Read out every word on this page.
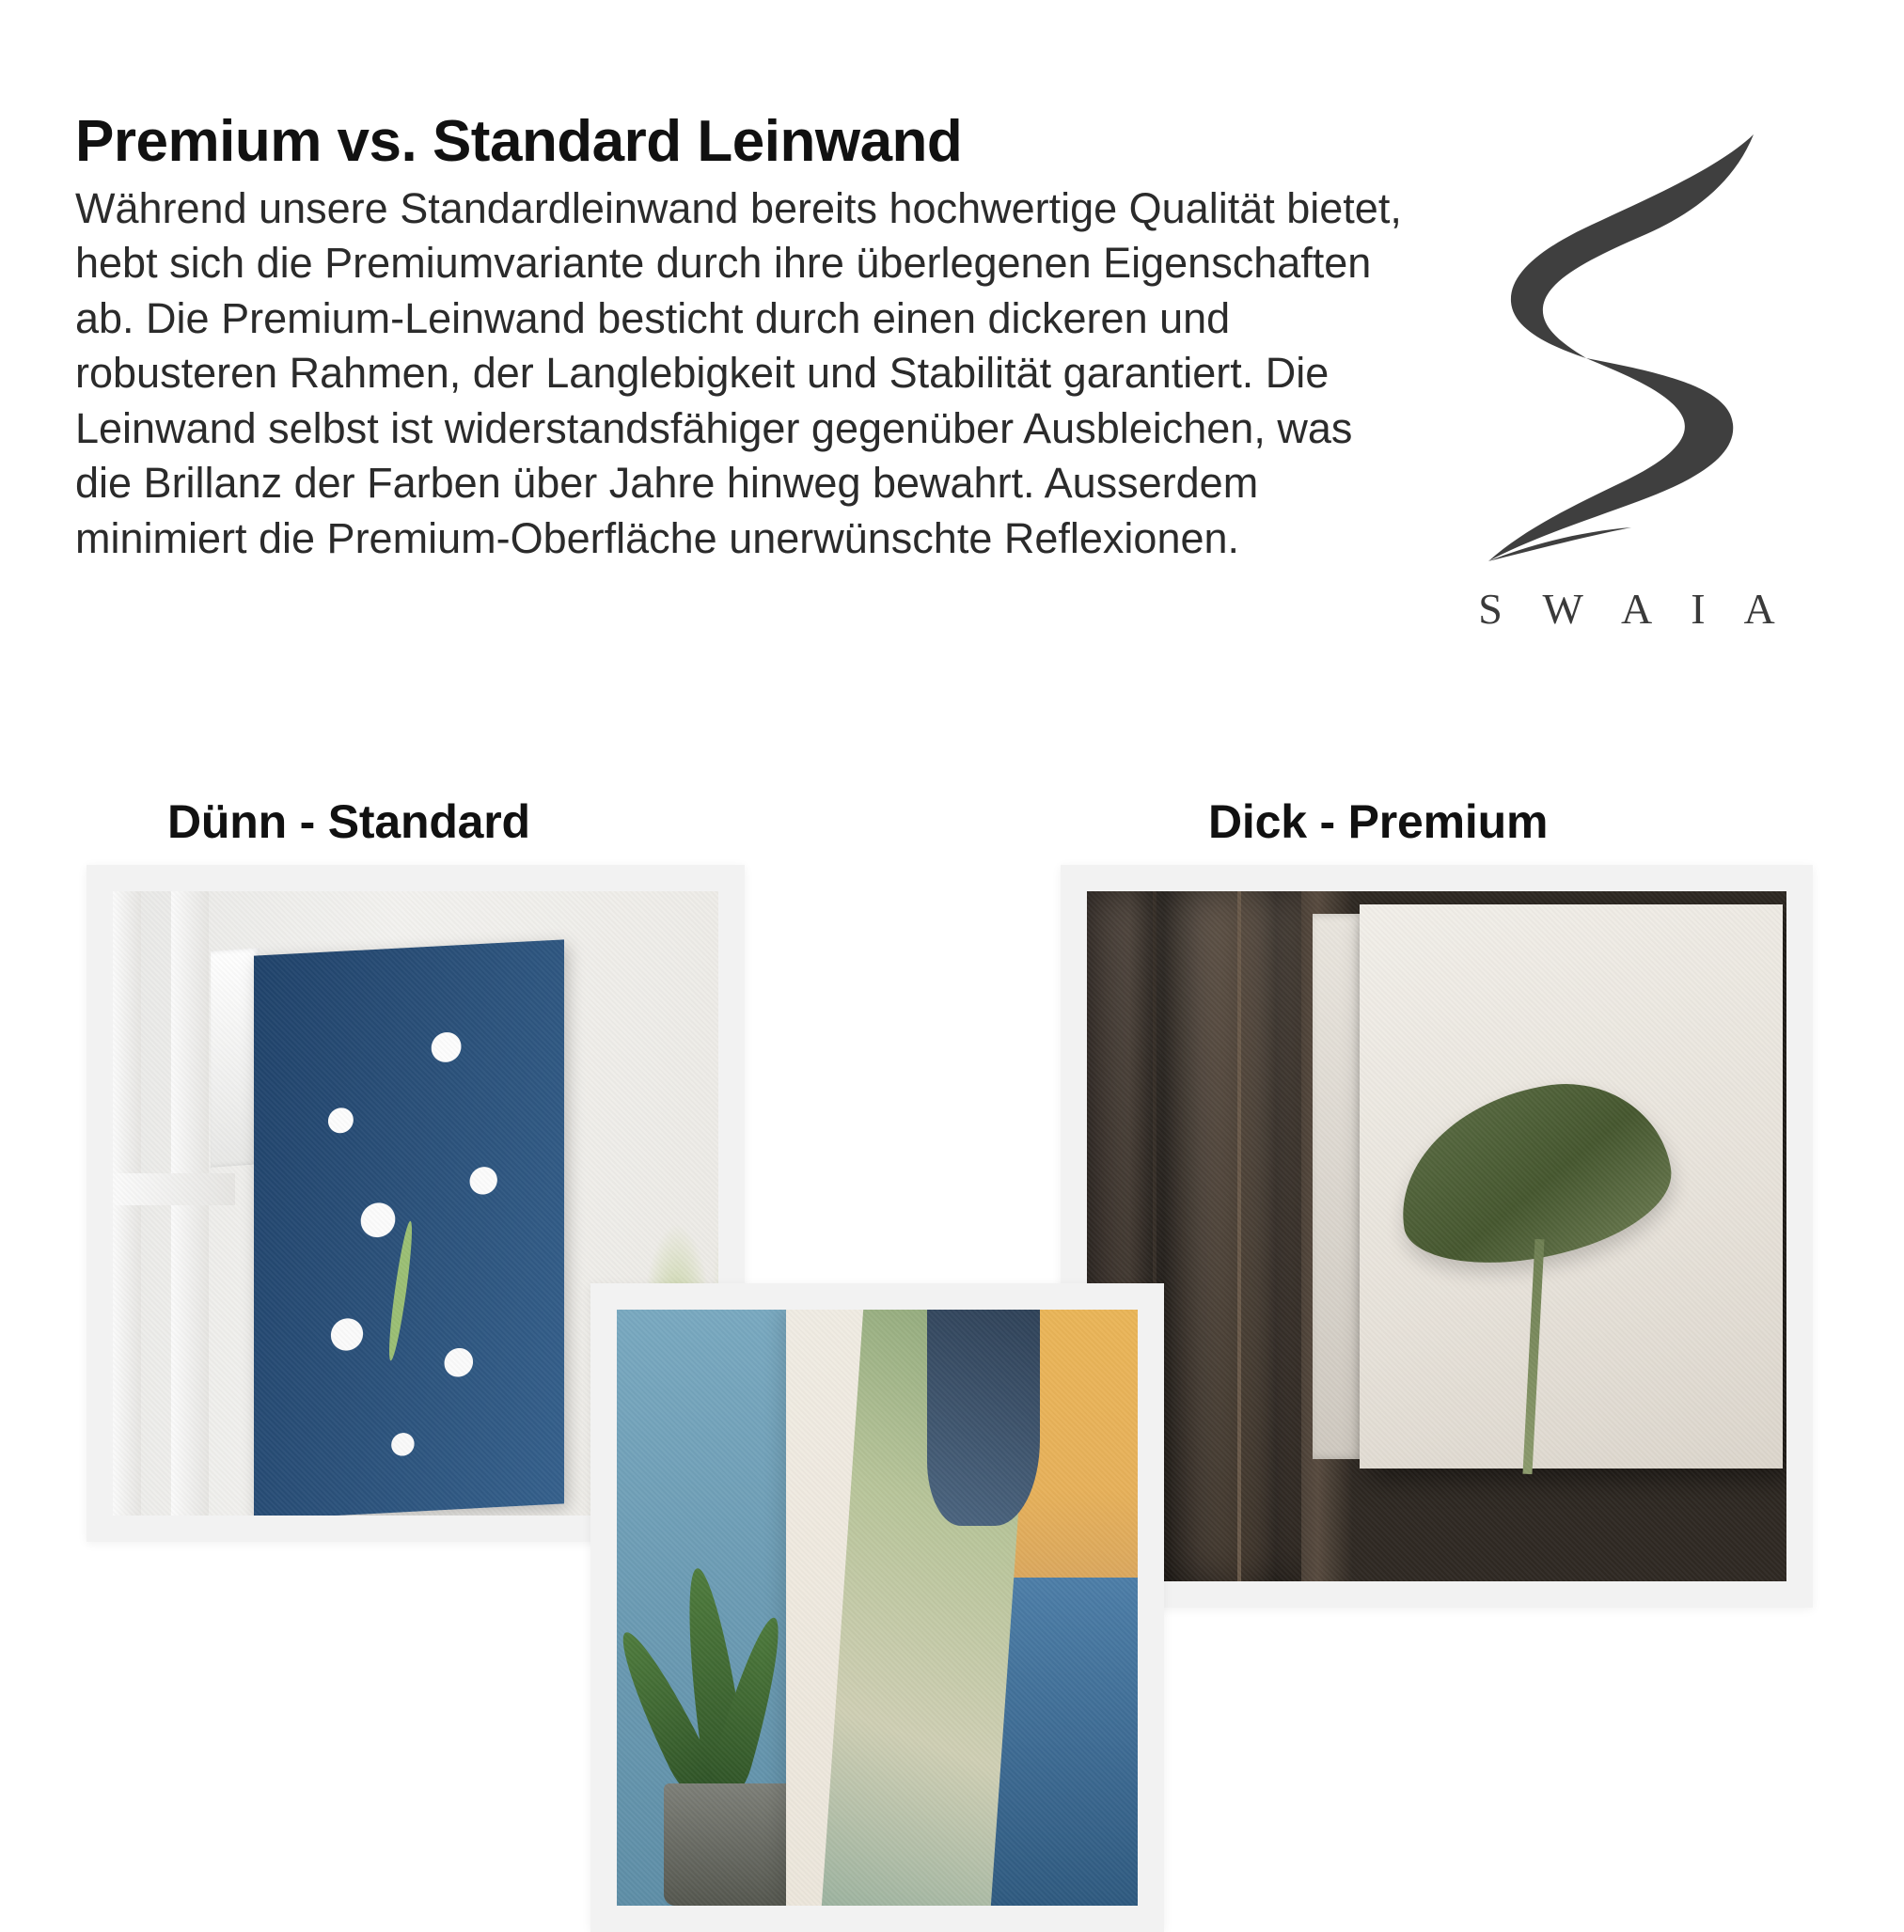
Premium vs. Standard Leinwand

Während unsere Standardleinwand bereits hochwertige Qualität bietet, hebt sich die Premiumvariante durch ihre überlegenen Eigenschaften ab. Die Premium-Leinwand besticht durch einen dickeren und robusteren Rahmen, der Langlebigkeit und Stabilität garantiert. Die Leinwand selbst ist widerstandsfähiger gegenüber Ausbleichen, was die Brillanz der Farben über Jahre hinweg bewahrt. Ausserdem minimiert die Premium-Oberfläche unerwünschte Reflexionen.

S W A I A
Dünn - Standard	Dick - Premium
